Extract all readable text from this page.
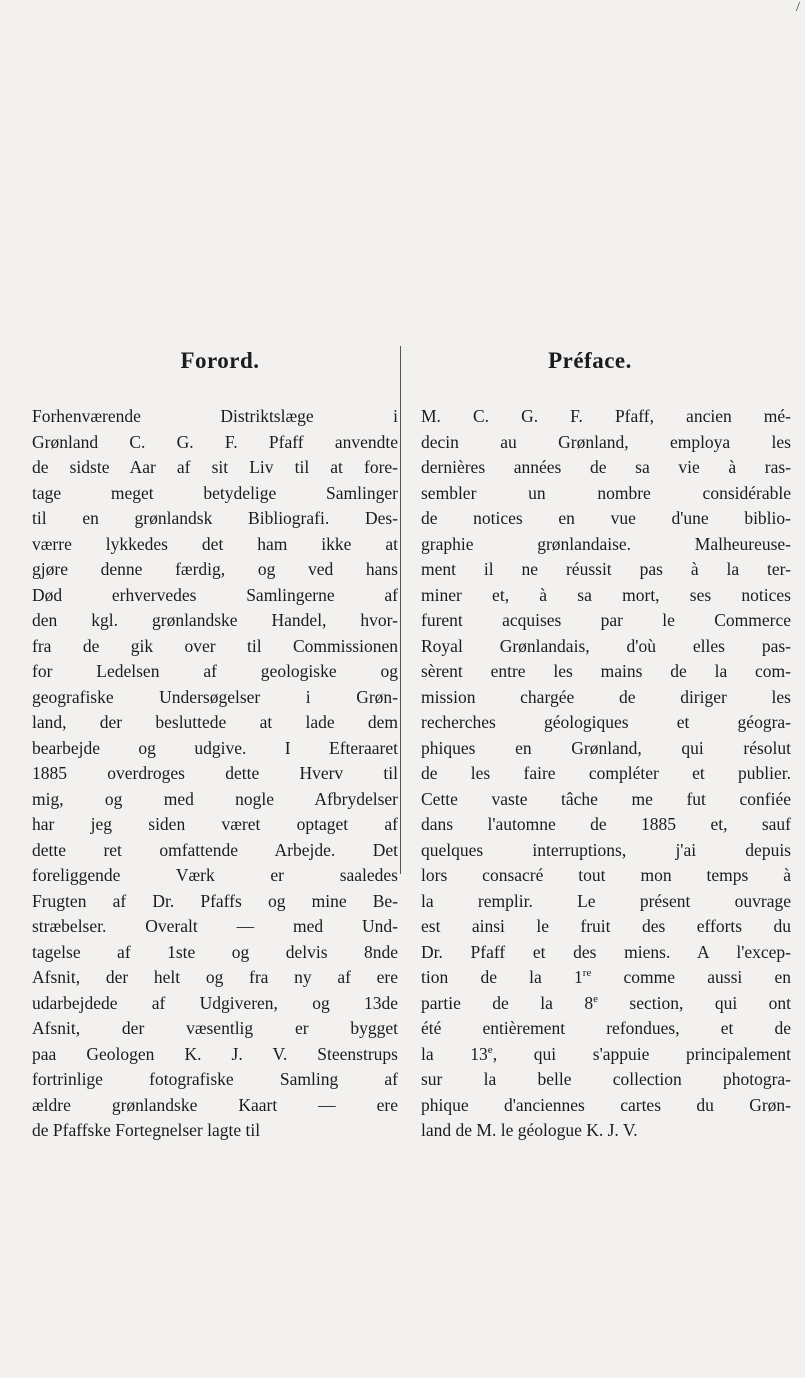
/
Forord.	Préface.
Forhenværende Distriktslæge i
Grønland C. G. F. Pfaff anvendte
de sidste Aar af sit Liv til at fore-
tage meget betydelige Samlinger
til en grønlandsk Bibliografi. Des-
værre lykkedes det ham ikke at
gjøre denne færdig, og ved hans
Død erhvervedes Samlingerne af
den kgl. grønlandske Handel, hvor-
fra de gik over til Commissionen
for Ledelsen af geologiske og
geografiske Undersøgelser i Grøn-
land, der besluttede at lade dem
bearbejde og udgive. I Efteraaret
1885 overdroges dette Hverv til
mig, og med nogle Afbrydelser
har jeg siden været optaget af
dette ret omfattende Arbejde. Det
foreliggende Værk er saaledes
Frugten af Dr. Pfaffs og mine Be-
stræbelser. Overalt — med Und-
tagelse af 1ste og delvis 8nde
Afsnit, der helt og fra ny af ere
udarbejdede af Udgiveren, og 13de
Afsnit, der væsentlig er bygget
paa Geologen K. J. V. Steenstrups
fortrinlige fotografiske Samling af
ældre grønlandske Kaart — ere
de Pfaffske Fortegnelser lagte til
M. C. G. F. Pfaff, ancien mé-
decin au Grønland, employa les
dernières années de sa vie à ras-
sembler un nombre considérable
de notices en vue d'une biblio-
graphie grønlandaise. Malheureuse-
ment il ne réussit pas à la ter-
miner et, à sa mort, ses notices
furent acquises par le Commerce
Royal Grønlandais, d'où elles pas-
sèrent entre les mains de la com-
mission chargée de diriger les
recherches géologiques et géogra-
phiques en Grønland, qui résolut
de les faire compléter et publier.
Cette vaste tâche me fut confiée
dans l'automne de 1885 et, sauf
quelques interruptions, j'ai depuis
lors consacré tout mon temps à
la remplir. Le présent ouvrage
est ainsi le fruit des efforts du
Dr. Pfaff et des miens. A l'excep-
tion de la 1re comme aussi en
partie de la 8e section, qui ont
été entièrement refondues, et de
la 13e, qui s'appuie principalement
sur la belle collection photogra-
phique d'anciennes cartes du Grøn-
land de M. le géologue K. J. V.
